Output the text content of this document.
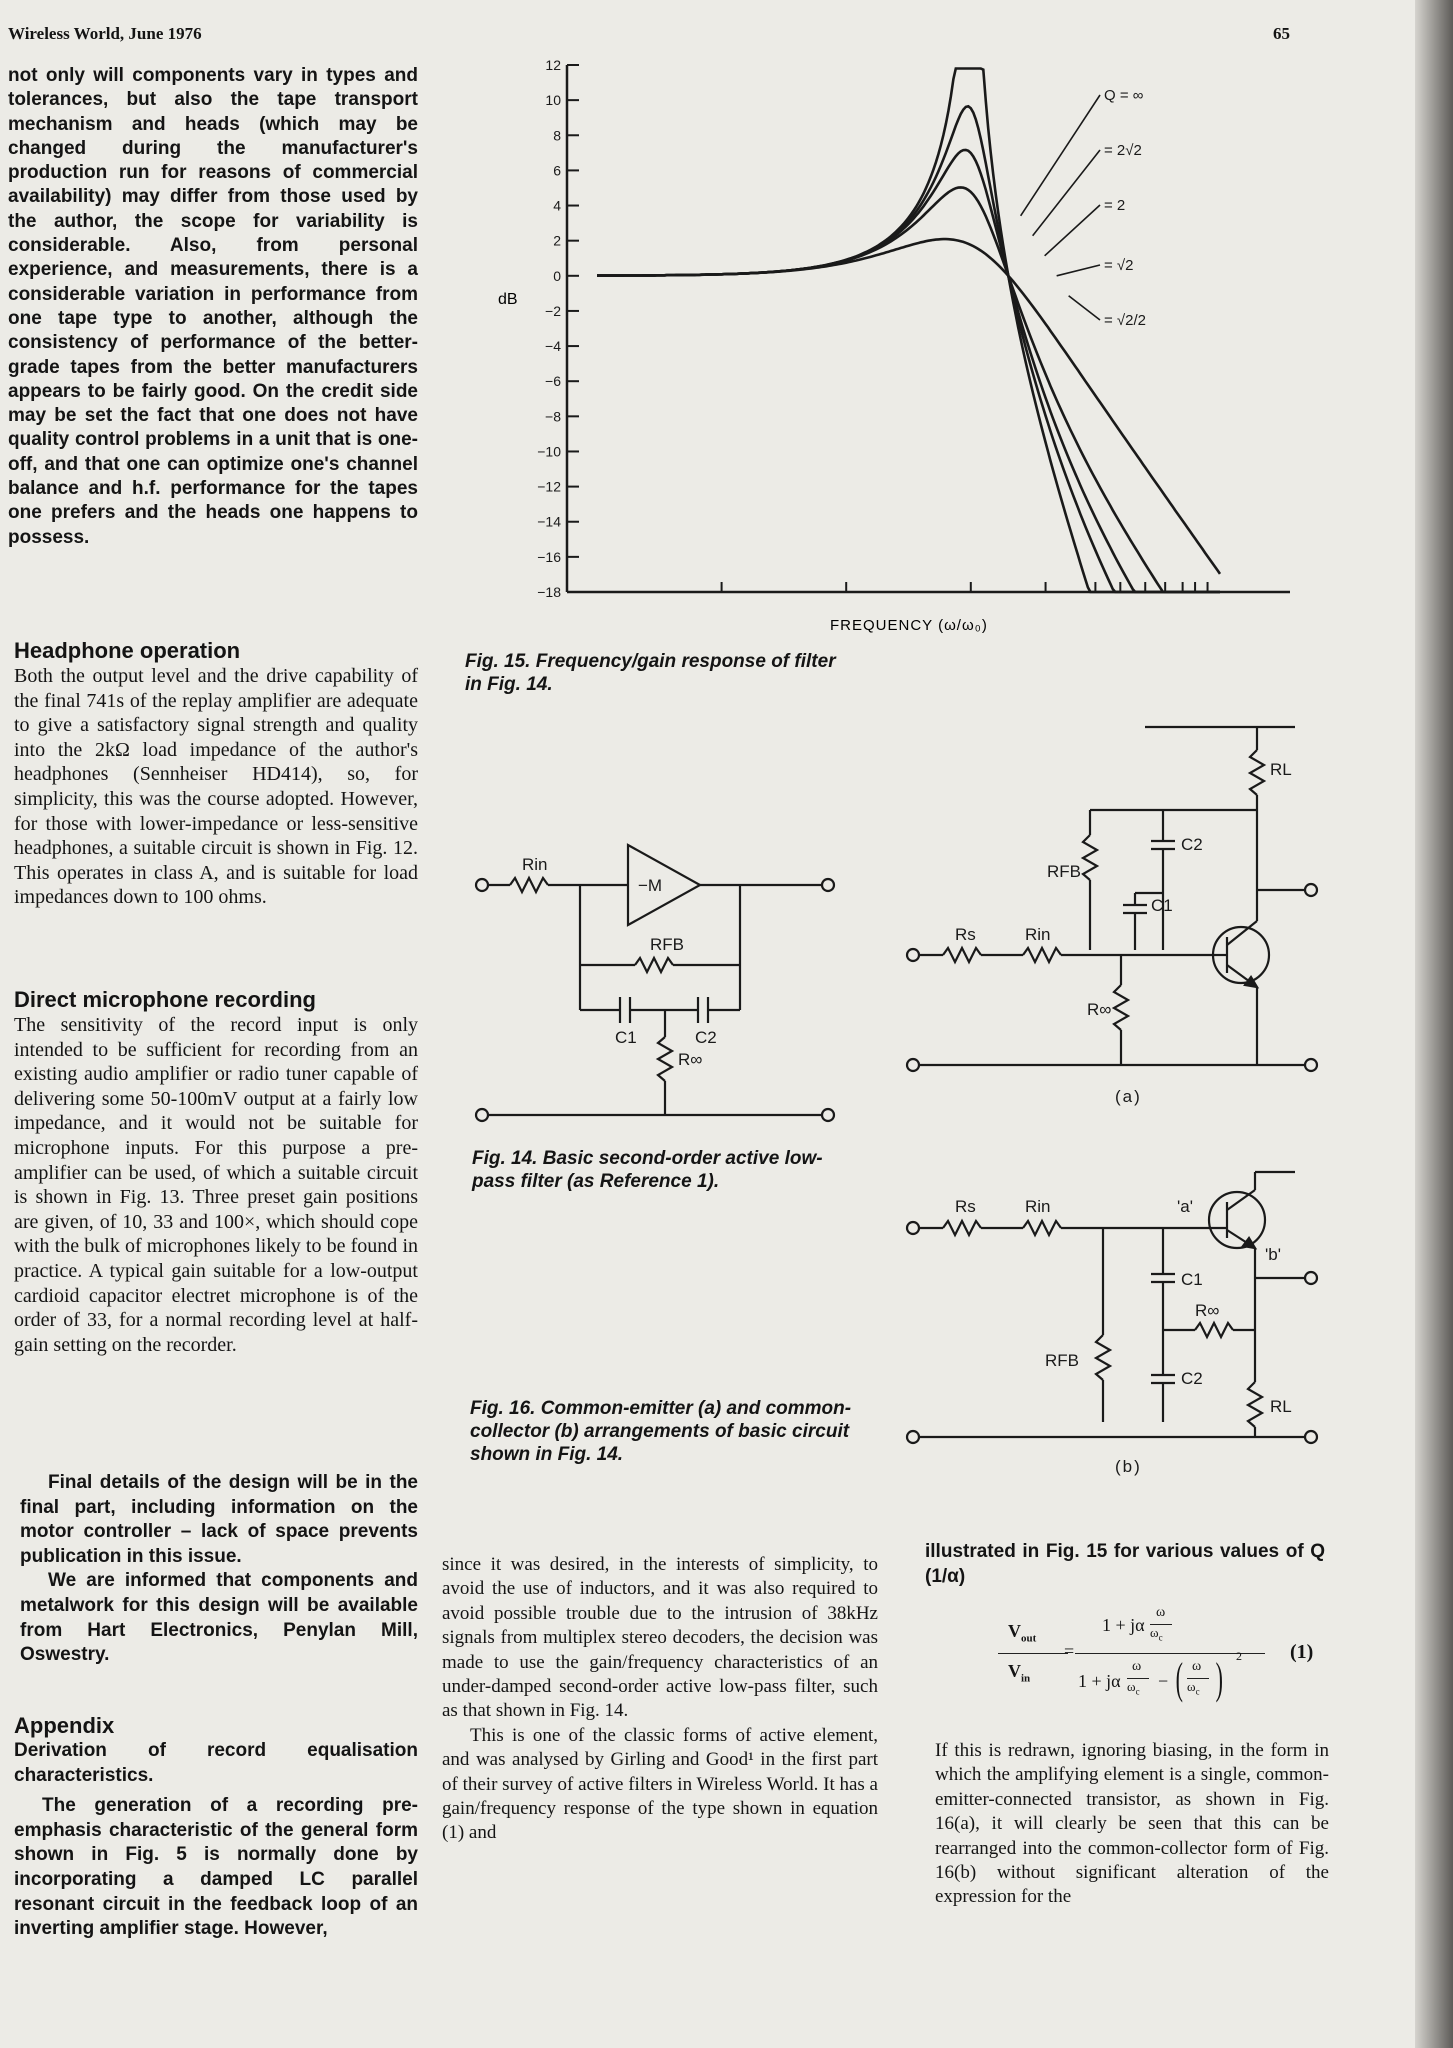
Wireless World, June 1976	65

not only will components vary in types and tolerances, but also the tape transport mechanism and heads (which may be changed during the manufacturer's production run for reasons of commercial availability) may differ from those used by the author, the scope for variability is considerable. Also, from personal experience, and measurements, there is a considerable variation in performance from one tape type to another, although the consistency of performance of the better-grade tapes from the better manufacturers appears to be fairly good. On the credit side may be set the fact that one does not have quality control problems in a unit that is one-off, and that one can optimize one's channel balance and h.f. performance for the tapes one prefers and the heads one happens to possess.

Headphone operation

Both the output level and the drive capability of the final 741s of the replay amplifier are adequate to give a satisfactory signal strength and quality into the 2kΩ load impedance of the author's headphones (Sennheiser HD414), so, for simplicity, this was the course adopted. However, for those with lower-impedance or less-sensitive headphones, a suitable circuit is shown in Fig. 12. This operates in class A, and is suitable for load impedances down to 100 ohms.

Direct microphone recording

The sensitivity of the record input is only intended to be sufficient for recording from an existing audio amplifier or radio tuner capable of delivering some 50-100mV output at a fairly low impedance, and it would not be suitable for microphone inputs. For this purpose a pre-amplifier can be used, of which a suitable circuit is shown in Fig. 13. Three preset gain positions are given, of 10, 33 and 100×, which should cope with the bulk of microphones likely to be found in practice. A typical gain suitable for a low-output cardioid capacitor electret microphone is of the order of 33, for a normal recording level at half-gain setting on the recorder.

Final details of the design will be in the final part, including information on the motor controller – lack of space prevents publication in this issue.

We are informed that components and metalwork for this design will be available from Hart Electronics, Penylan Mill, Oswestry.

Appendix

Derivation of record equalisation characteristics.

The generation of a recording pre-emphasis characteristic of the general form shown in Fig. 5 is normally done by incorporating a damped LC parallel resonant circuit in the feedback loop of an inverting amplifier stage. However,

since it was desired, in the interests of simplicity, to avoid the use of inductors, and it was also required to avoid possible trouble due to the intrusion of 38kHz signals from multiplex stereo decoders, the decision was made to use the gain/frequency characteristics of an under-damped second-order active low-pass filter, such as that shown in Fig. 14.

This is one of the classic forms of active element, and was analysed by Girling and Good¹ in the first part of their survey of active filters in Wireless World. It has a gain/frequency response of the type shown in equation (1) and

illustrated in Fig. 15 for various values of Q (1/α)

If this is redrawn, ignoring biasing, in the form in which the amplifying element is a single, common-emitter-connected transistor, as shown in Fig. 16(a), it will clearly be seen that this can be rearranged into the common-collector form of Fig. 16(b) without significant alteration of the expression for the

$V_{out}$
$V_{in}$
=
1 + jα
ω
$\omega_c$
1 + jα
ω
$\omega_c$
− ( ω
$\omega_c$ ) 2 (1)
12
10
8
6
4
2
0
−2
−4
−6
−8
−10
−12
−14
−16
−18
dB
FREQUENCY (ω/ω₀)
Q = ∞
= 2√2
= 2
= √2
= √2/2
Fig. 15. Frequency/gain response of filter in Fig. 14.
Rin
−M
RFB
C1	C2
R∞
Fig. 14. Basic second-order active low-pass filter (as Reference 1).
RL
C2
C1
RFB
Rs	Rin
R∞
(a)
Rs	Rin	'a'
'b'
C1
R∞
RFB
C2
RL
(b)
Fig. 16. Common-emitter (a) and common-collector (b) arrangements of basic circuit shown in Fig. 14.
